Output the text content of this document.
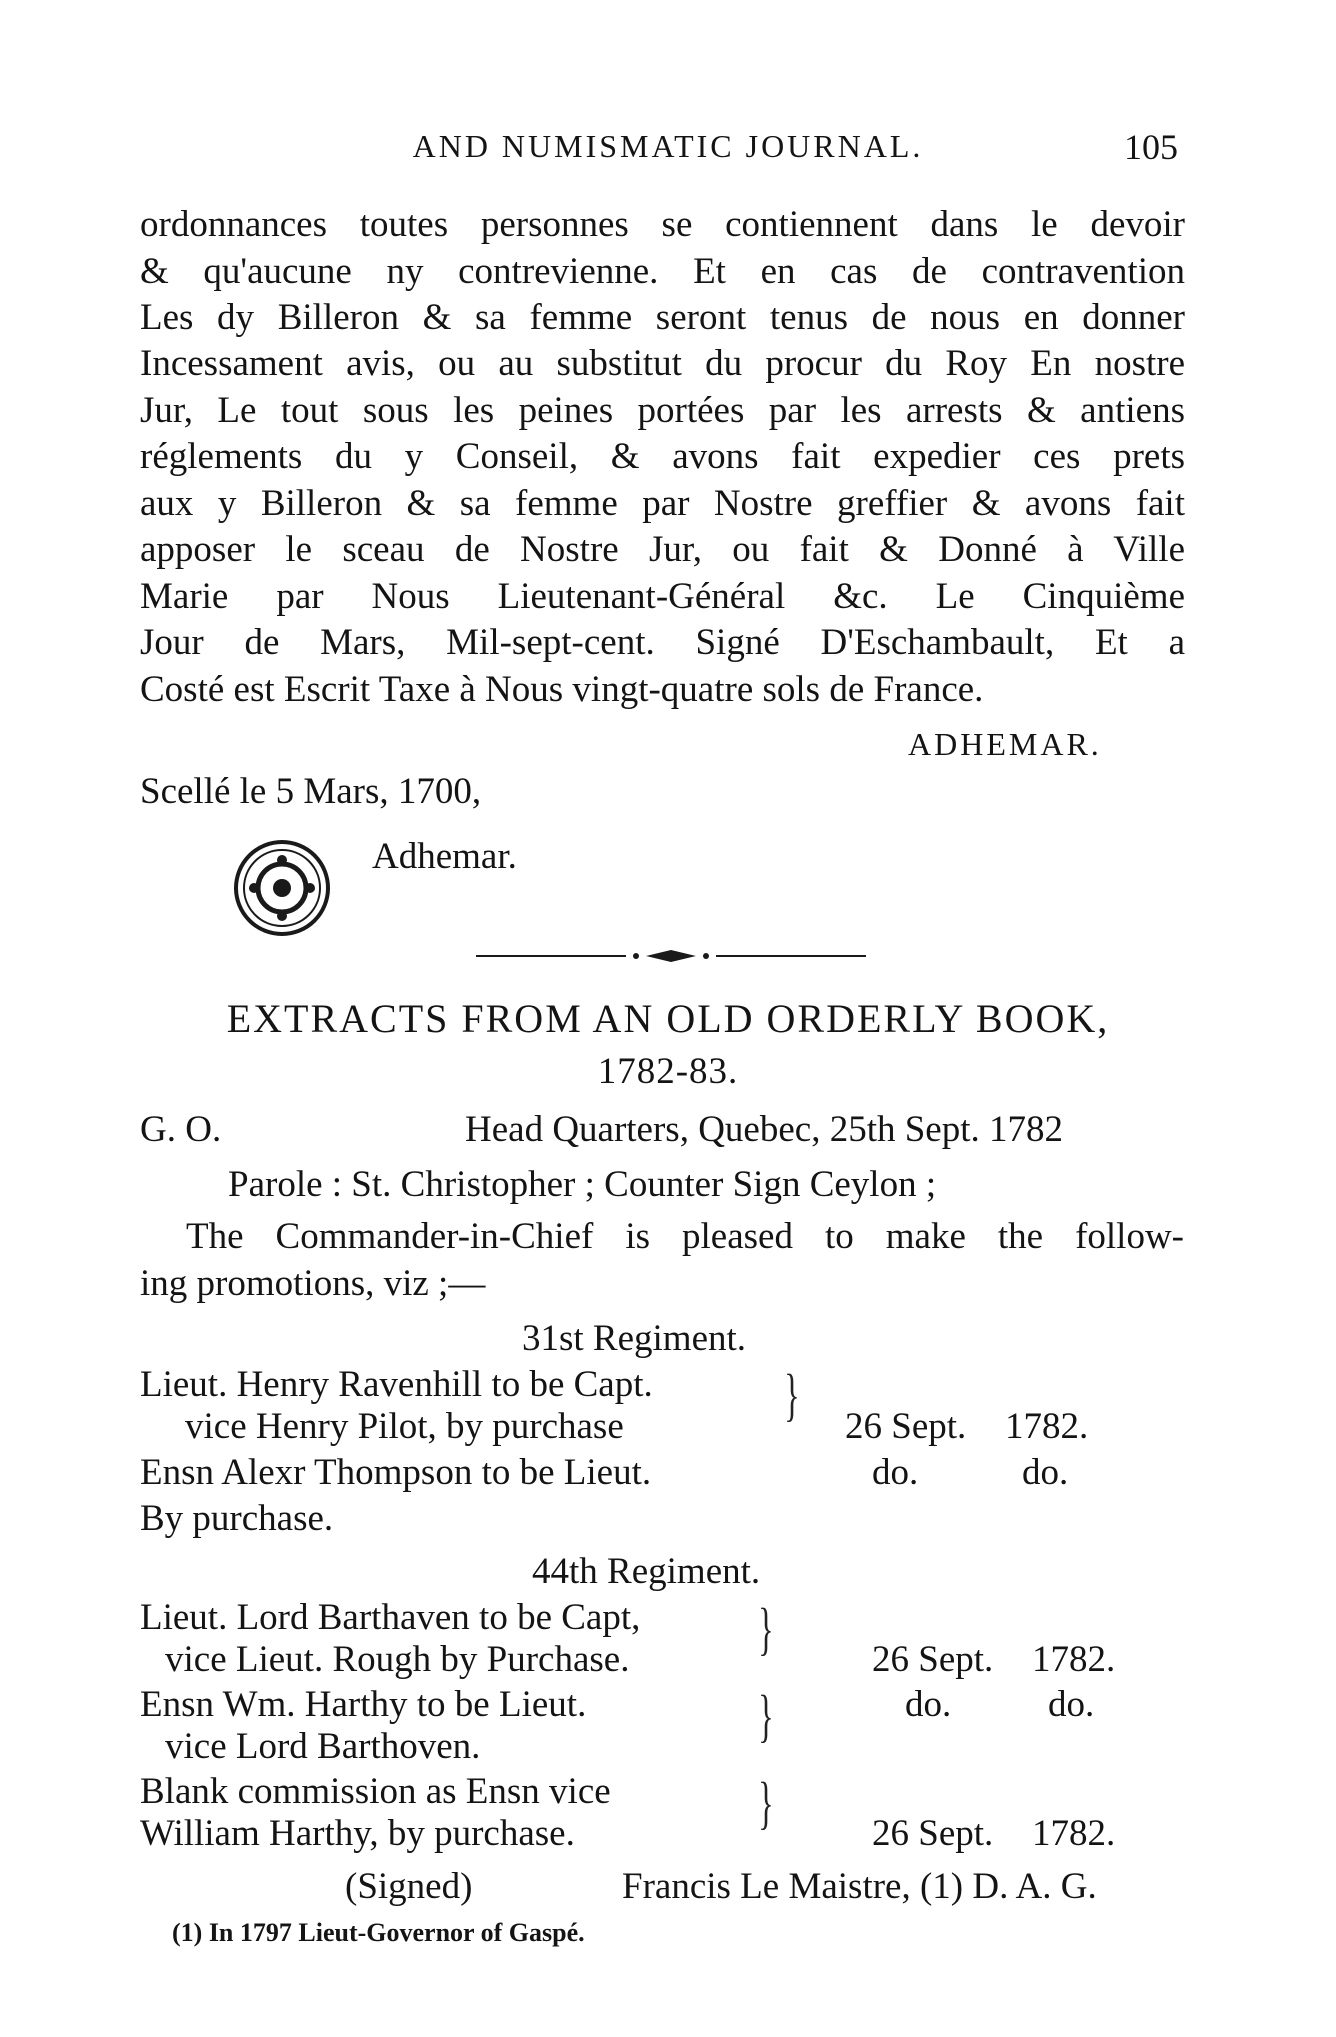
AND NUMISMATIC JOURNAL.	105
ordonnances toutes personnes se contiennent dans le devoir
& qu'aucune ny contrevienne. Et en cas de contravention
Les dy Billeron & sa femme seront tenus de nous en donner
Incessament avis, ou au substitut du procur du Roy En nostre
Jur, Le tout sous les peines portées par les arrests & antiens
réglements du y Conseil, & avons fait expedier ces prets
aux y Billeron & sa femme par Nostre greffier & avons fait
apposer le sceau de Nostre Jur, ou fait & Donné à Ville
Marie par Nous Lieutenant-Général &c. Le Cinquième
Jour de Mars, Mil-sept-cent. Signé D'Eschambault, Et a
Costé est Escrit Taxe à Nous vingt-quatre sols de France.
ADHEMAR.
Scellé le 5 Mars, 1700,
Adhemar.
EXTRACTS FROM AN OLD ORDERLY BOOK,
1782-83.
G. O.	Head Quarters, Quebec, 25th Sept. 1782
Parole : St. Christopher ; Counter Sign Ceylon ;
The Commander-in-Chief is pleased to make the follow-
ing promotions, viz ;—
31st Regiment.
Lieut. Henry Ravenhill to be Capt.
vice Henry Pilot, by purchase	} 26 Sept. 1782.
Ensn Alexr Thompson to be Lieut.	do.	do.
By purchase.
44th Regiment.
Lieut. Lord Barthaven to be Capt,
vice Lieut. Rough by Purchase. }	26 Sept. 1782.
Ensn Wm. Harthy to be Lieut.
vice Lord Barthoven.	}	do.	do.
Blank commission as Ensn vice
William Harthy, by purchase.	}	26 Sept. 1782.
(Signed)	Francis Le Maistre, (1) D. A. G.
(1) In 1797 Lieut-Governor of Gaspé.
